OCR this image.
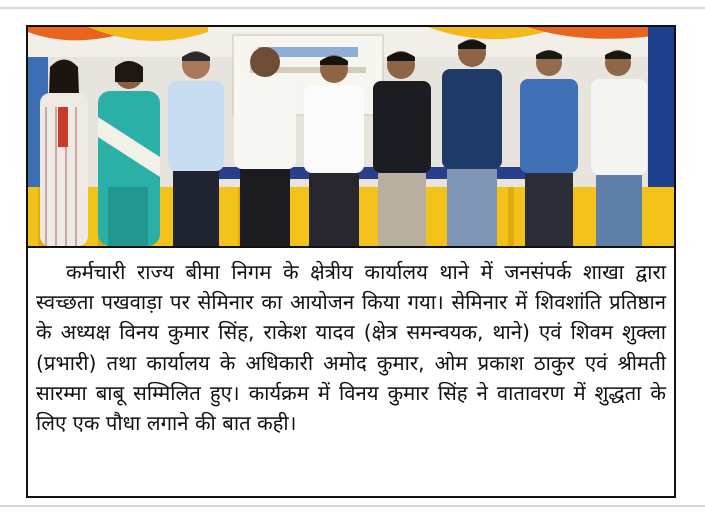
कर्मचारी राज्य बीमा निगम के क्षेत्रीय कार्यालय थाने में जनसंपर्क शाखा द्वारा स्वच्छता पखवाड़ा पर सेमिनार का आयोजन किया गया। सेमिनार में शिवशांति प्रतिष्ठान के अध्यक्ष विनय कुमार सिंह, राकेश यादव (क्षेत्र समन्वयक, थाने) एवं शिवम शुक्ला (प्रभारी) तथा कार्यालय के अधिकारी अमोद कुमार, ओम प्रकाश ठाकुर एवं श्रीमती सारम्मा बाबू सम्मिलित हुए। कार्यक्रम में विनय कुमार सिंह ने वातावरण में शुद्धता के लिए एक पौधा लगाने की बात कही।
